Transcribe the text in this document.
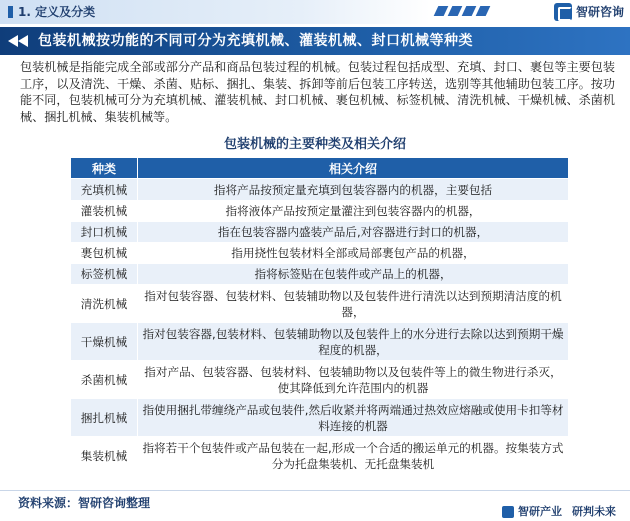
1. 定义及分类	智研咨询
包装机械按功能的不同可分为充填机械、灌装机械、封口机械等种类
包装机械是指能完成全部或部分产品和商品包装过程的机械。包装过程包括成型、充填、封口、裹包等主要包装工序，以及清洗、干燥、杀菌、贴标、捆扎、集装、拆卸等前后包装工序转送，选别等其他辅助包装工序。按功能不同，包装机械可分为充填机械、灌装机械、封口机械、裹包机械、标签机械、清洗机械、干燥机械、杀菌机械、捆扎机械、集装机械等。
包装机械的主要种类及相关介绍
种类	相关介绍
充填机械	指将产品按预定量充填到包装容器内的机器，主要包括
灌装机械	指将液体产品按预定量灌注到包装容器内的机器，
封口机械	指在包装容器内盛装产品后,对容器进行封口的机器，
裹包机械	指用挠性包装材料全部或局部裹包产品的机器，
标签机械	指将标签贴在包装件或产品上的机器，
清洗机械	指对包装容器、包装材料、包装辅助物以及包装件进行清洗以达到预期清洁度的机器，
干燥机械	指对包装容器,包装材料、包装辅助物以及包装件上的水分进行去除以达到预期干燥程度的机器，
杀菌机械	指对产品、包装容器、包装材料、包装辅助物以及包装件等上的微生物进行杀灭，使其降低到允许范围内的机器
捆扎机械	指使用捆扎带缠绕产品或包装件,然后收紧并将两端通过热效应熔融或使用卡扣等材料连接的机器
集装机械	指将若干个包装件或产品包装在一起,形成一个合适的搬运单元的机器。按集装方式分为托盘集装机、无托盘集装机
资料来源：智研咨询整理
智研产业 研判未来
